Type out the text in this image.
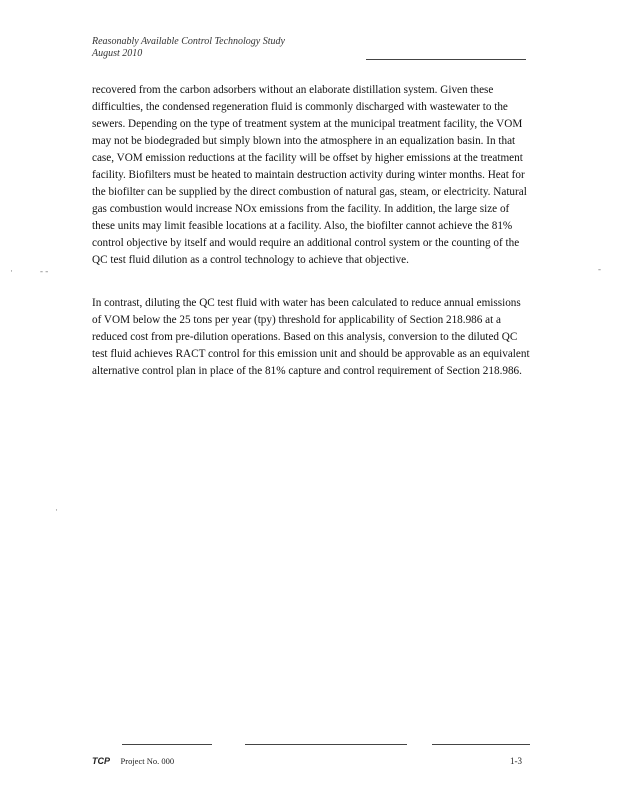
Reasonably Available Control Technology Study
August 2010

recovered from the carbon adsorbers without an elaborate distillation system. Given these difficulties, the condensed regeneration fluid is commonly discharged with wastewater to the sewers. Depending on the type of treatment system at the municipal treatment facility, the VOM may not be biodegraded but simply blown into the atmosphere in an equalization basin. In that case, VOM emission reductions at the facility will be offset by higher emissions at the treatment facility. Biofilters must be heated to maintain destruction activity during winter months. Heat for the biofilter can be supplied by the direct combustion of natural gas, steam, or electricity. Natural gas combustion would increase NOx emissions from the facility. In addition, the large size of these units may limit feasible locations at a facility. Also, the biofilter cannot achieve the 81% control objective by itself and would require an additional control system or the counting of the QC test fluid dilution as a control technology to achieve that objective.

In contrast, diluting the QC test fluid with water has been calculated to reduce annual emissions of VOM below the 25 tons per year (tpy) threshold for applicability of Section 218.986 at a reduced cost from pre-dilution operations. Based on this analysis, conversion to the diluted QC test fluid achieves RACT control for this emission unit and should be approvable as an equivalent alternative control plan in place of the 81% capture and control requirement of Section 218.986.

·	- -	-
·
TCP Project No. 000	1-3
